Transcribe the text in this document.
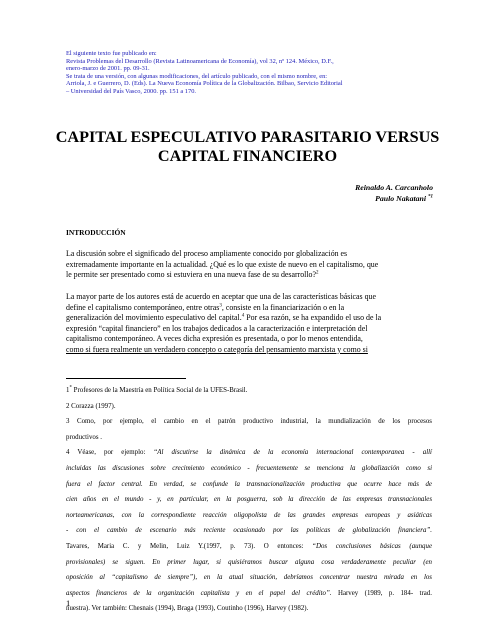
El siguiente texto fue publicado en:
Revista Problemas del Desarrollo (Revista Latinoamericana de Economía), vol 32, nº 124. México, D.F.,
enero-marzo de 2001. pp. 09-31.
Se trata de una versión, con algunas modificaciones, del artículo publicado, con el mismo nombre, en:
Arriola, J. e Guerrero, D. (Eds). La Nueva Economía Política de la Globalización. Bilbao, Servicio Editorial
– Universidad del País Vasco, 2000. pp. 151 a 170.
CAPITAL ESPECULATIVO PARASITARIO VERSUS
CAPITAL FINANCIERO
Reinaldo A. Carcanholo
Paulo Nakatani $^{*1}$
INTRODUCCIÓN
La discusión sobre el significado del proceso ampliamente conocido por globalización es
extremadamente importante en la actualidad. ¿Qué es lo que existe de nuevo en el capitalismo, que
le permite ser presentado como si estuviera en una nueva fase de su desarrollo?$^2$
La mayor parte de los autores está de acuerdo en aceptar que una de las características básicas que
define el capitalismo contemporáneo, entre otras$^3$, consiste en la financiarización o en la
generalización del movimiento especulativo del capital.$^4$ Por esa razón, se ha expandido el uso de la
expresión “capital financiero” en los trabajos dedicados a la caracterización e interpretación del
capitalismo contemporáneo. A veces dicha expresión es presentada, o por lo menos entendida,
como si fuera realmente un verdadero concepto o categoría del pensamiento marxista y como si
1* Profesores de la Maestría en Política Social de la UFES-Brasil.
2 Corazza (1997).
3 Como, por ejemplo, el cambio en el patrón productivo industrial, la mundialización de los procesos
productivos .
4 Véase, por ejemplo: “Al discutirse la dinámica de la economía internacional contemporanea - allí
incluidas las discusiones sobre crecimiento económico - frecuentemente se menciona la globalización como si
fuera el factor central. En verdad, se confunde la transnacionalización productiva que ocurre hace más de
cien años en el mundo - y, en particular, en la posguerra, sob la dirección de las empresas transnacionales
norteamericanas, con la correspondiente reacción oligopolista de las grandes empresas europeas y asiáticas
- con el cambio de escenario más reciente ocasionado por las políticas de globalización financiera”.
Tavares, Maria C. y Melin, Luiz Y.(1997, p. 73). O entonces: “Dos conclusiones básicas (aunque
provisionales) se siguen. En primer lugar, si quisiéramos buscar alguna cosa verdaderamente peculiar (en
oposición al “capitalismo de siempre”), en la atual situación, debríamos concentrar nuestra mirada en los
aspectos financieros de la organización capitalista y en el papel del crédito”. Harvey (1989, p. 184- trad.
nuestra). Ver también: Chesnais (1994), Braga (1993), Coutinho (1996), Harvey (1982).
1
